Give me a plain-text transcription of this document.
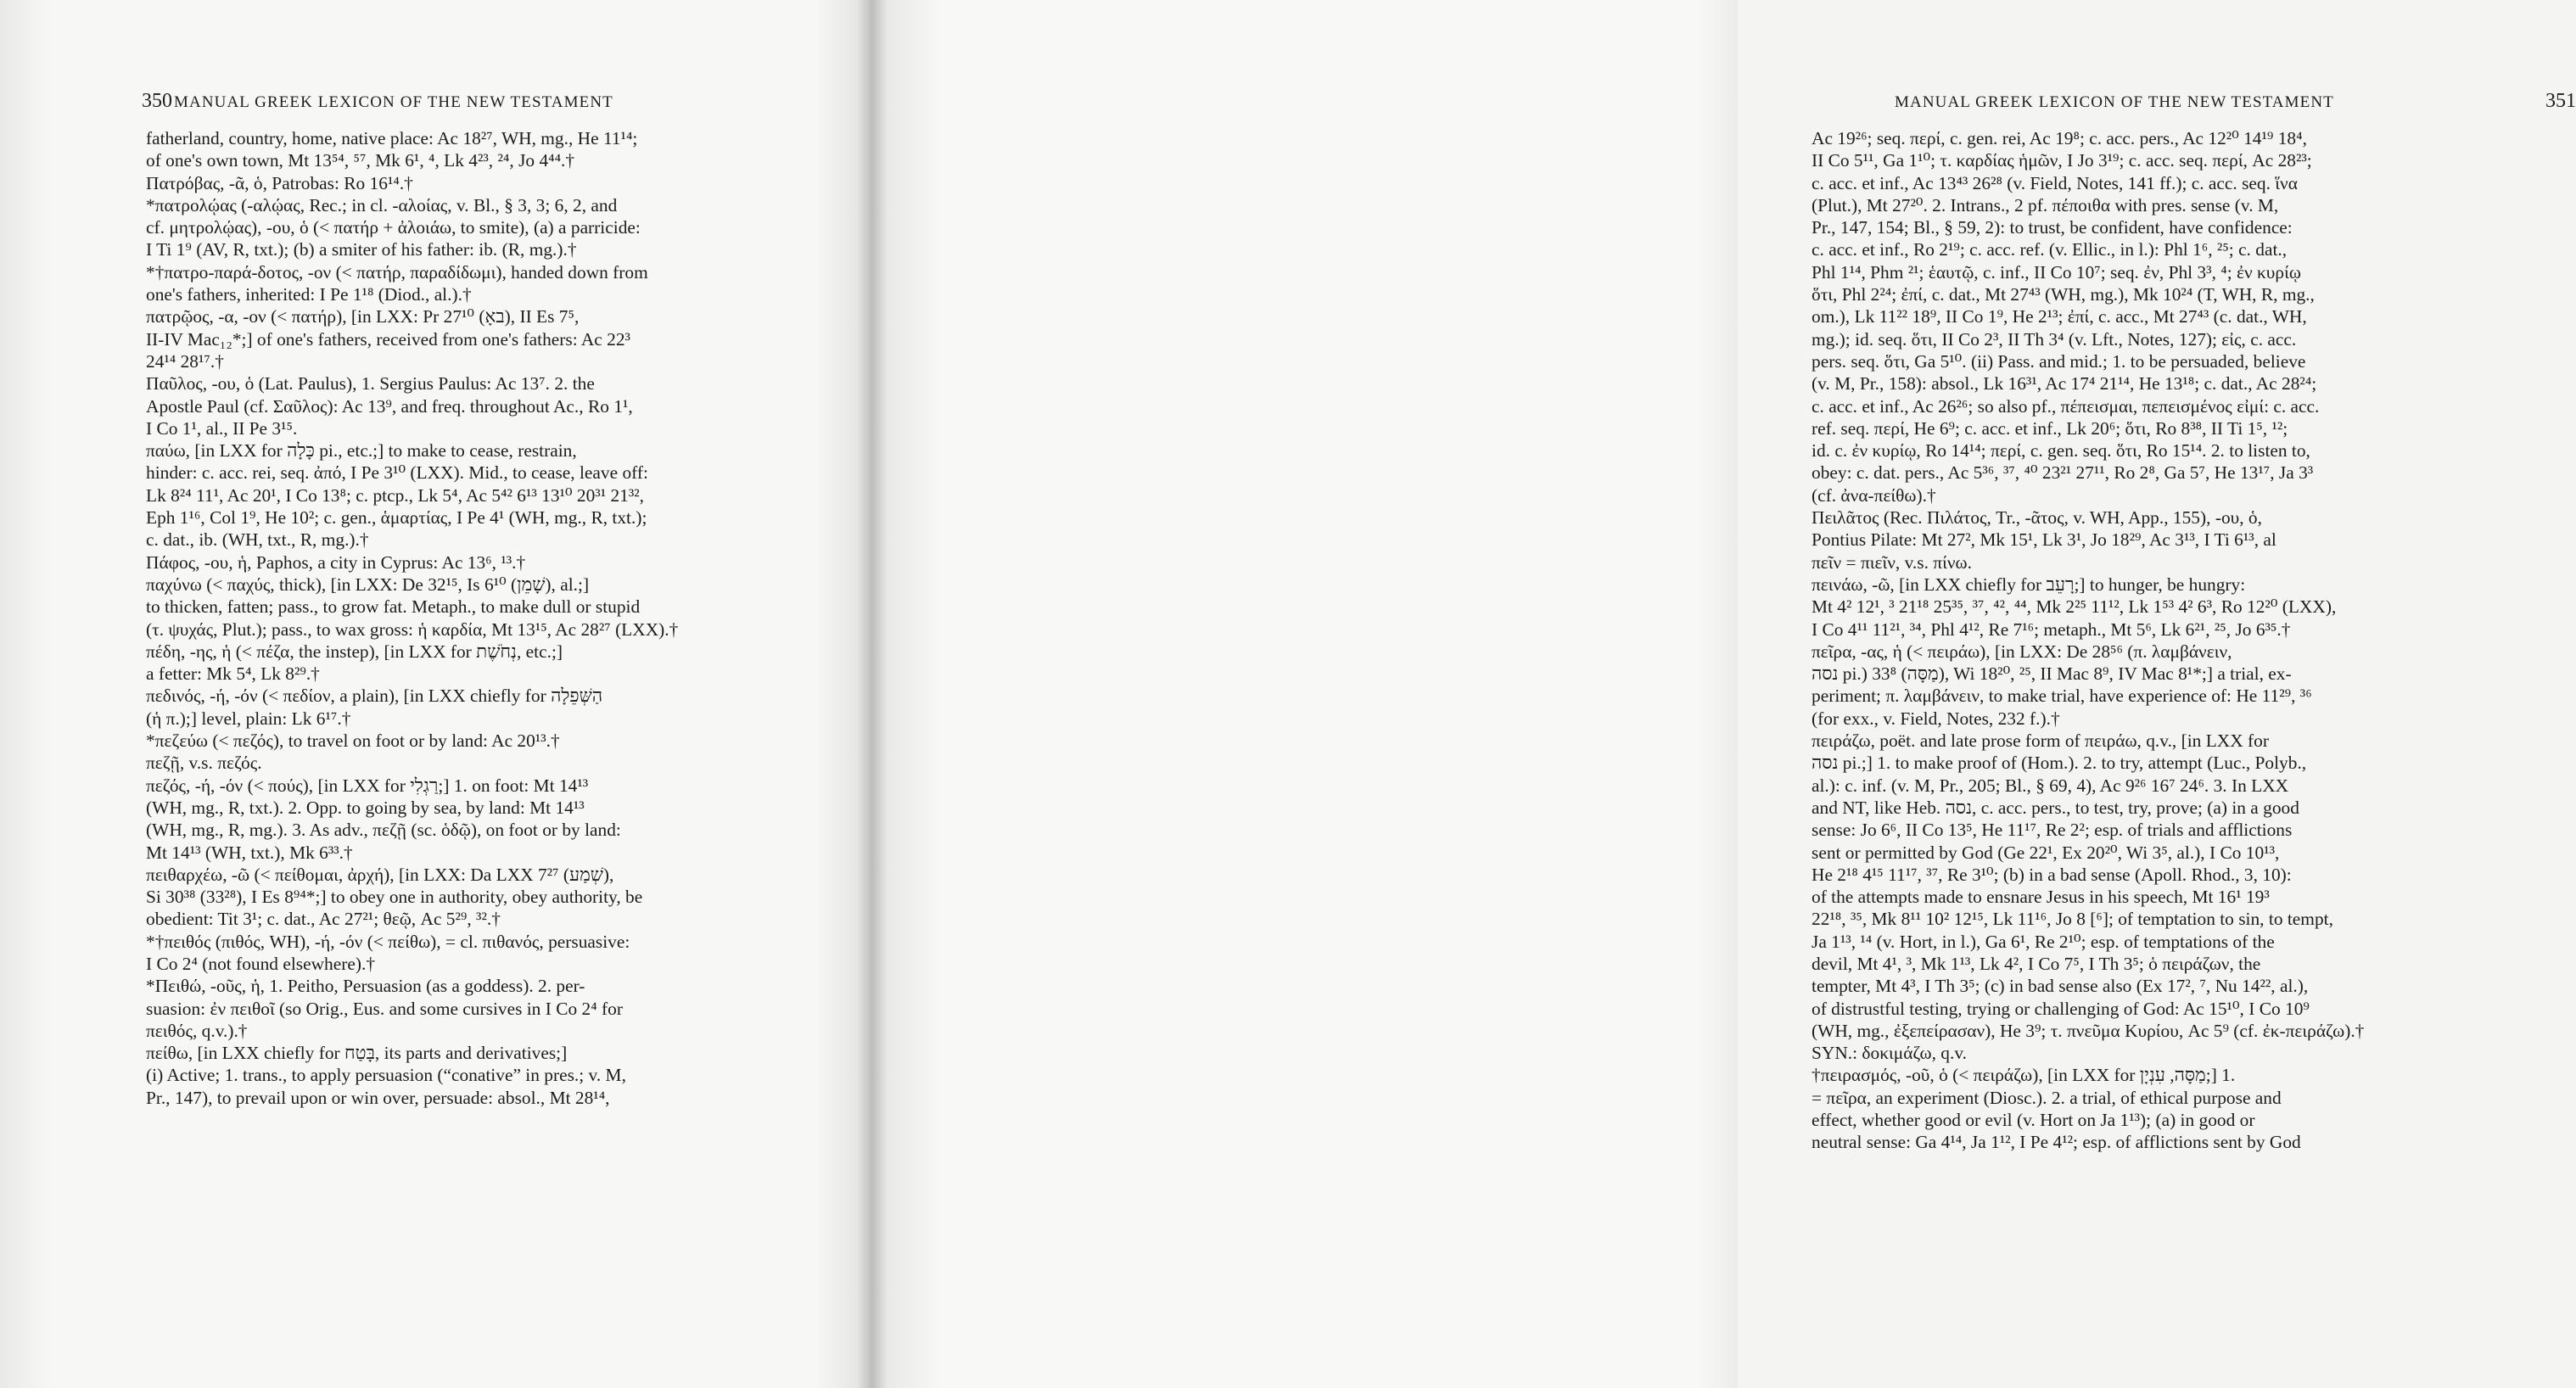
350 MANUAL GREEK LEXICON OF THE NEW TESTAMENT
fatherland, country, home, native place: Ac 18²⁷, WH, mg., He 11¹⁴;
of one's own town, Mt 13⁵⁴, ⁵⁷, Mk 6¹, ⁴, Lk 4²³, ²⁴, Jo 4⁴⁴.†
Πατρόβας, -ᾶ, ὁ, Patrobas: Ro 16¹⁴.†
*πατρολῴας (-αλῴας, Rec.; in cl. -αλοίας, v. Bl., § 3, 3; 6, 2, and
cf. μητρολῴας), -ου, ὁ (< πατήρ + ἀλοιάω, to smite), (a) a parricide:
I Ti 1⁹ (AV, R, txt.); (b) a smiter of his father: ib. (R, mg.).†
*†πατρο-παρά-δοτος, -ον (< πατήρ, παραδίδωμι), handed down from
one's fathers, inherited: I Pe 1¹⁸ (Diod., al.).†
πατρῷος, -α, -ον (< πατήρ), [in LXX: Pr 27¹⁰ (באָ), II Es 7⁵,
II-IV Mac₁₂*;] of one's fathers, received from one's fathers: Ac 22³
24¹⁴ 28¹⁷.†
Παῦλος, -ου, ὁ (Lat. Paulus), 1. Sergius Paulus: Ac 13⁷. 2. the
Apostle Paul (cf. Σαῦλος): Ac 13⁹, and freq. throughout Ac., Ro 1¹,
I Co 1¹, al., II Pe 3¹⁵.
παύω, [in LXX for כָּלָה pi., etc.;] to make to cease, restrain,
hinder: c. acc. rei, seq. ἀπό, I Pe 3¹⁰ (LXX). Mid., to cease, leave off:
Lk 8²⁴ 11¹, Ac 20¹, I Co 13⁸; c. ptcp., Lk 5⁴, Ac 5⁴² 6¹³ 13¹⁰ 20³¹ 21³²,
Eph 1¹⁶, Col 1⁹, He 10²; c. gen., ἁμαρτίας, I Pe 4¹ (WH, mg., R, txt.);
c. dat., ib. (WH, txt., R, mg.).†
Πάφος, -ου, ἡ, Paphos, a city in Cyprus: Ac 13⁶, ¹³.†
παχύνω (< παχύς, thick), [in LXX: De 32¹⁵, Is 6¹⁰ (שָׁמֵן), al.;]
to thicken, fatten; pass., to grow fat. Metaph., to make dull or stupid
(τ. ψυχάς, Plut.); pass., to wax gross: ἡ καρδία, Mt 13¹⁵, Ac 28²⁷ (LXX).†
πέδη, -ης, ἡ (< πέζα, the instep), [in LXX for נְחֹשֶׁת, etc.;]
a fetter: Mk 5⁴, Lk 8²⁹.†
πεδινός, -ή, -όν (< πεδίον, a plain), [in LXX chiefly for הַשְּׁפֵלָה
(ἡ π.);] level, plain: Lk 6¹⁷.†
*πεζεύω (< πεζός), to travel on foot or by land: Ac 20¹³.†
πεζῇ, v.s. πεζός.
πεζός, -ή, -όν (< πούς), [in LXX for רַגְלִי;] 1. on foot: Mt 14¹³
(WH, mg., R, txt.). 2. Opp. to going by sea, by land: Mt 14¹³
(WH, mg., R, mg.). 3. As adv., πεζῇ (sc. ὁδῷ), on foot or by land:
Mt 14¹³ (WH, txt.), Mk 6³³.†
πειθαρχέω, -ῶ (< πείθομαι, ἀρχή), [in LXX: Da LXX 7²⁷ (שְׁמַע),
Si 30³⁸ (33²⁸), I Es 8⁹⁴*;] to obey one in authority, obey authority, be
obedient: Tit 3¹; c. dat., Ac 27²¹; θεῷ, Ac 5²⁹, ³².†
*†πειθός (πιθός, WH), -ή, -όν (< πείθω), = cl. πιθανός, persuasive:
I Co 2⁴ (not found elsewhere).†
*Πειθώ, -οῦς, ἡ, 1. Peitho, Persuasion (as a goddess). 2. per-
suasion: ἐν πειθοῖ (so Orig., Eus. and some cursives in I Co 2⁴ for
πειθός, q.v.).†
πείθω, [in LXX chiefly for בָּטַח, its parts and derivatives;]
(i) Active; 1. trans., to apply persuasion (“conative” in pres.; v. M,
Pr., 147), to prevail upon or win over, persuade: absol., Mt 28¹⁴,
MANUAL GREEK LEXICON OF THE NEW TESTAMENT	351
Ac 19²⁶; seq. περί, c. gen. rei, Ac 19⁸; c. acc. pers., Ac 12²⁰ 14¹⁹ 18⁴,
II Co 5¹¹, Ga 1¹⁰; τ. καρδίας ἡμῶν, I Jo 3¹⁹; c. acc. seq. περί, Ac 28²³;
c. acc. et inf., Ac 13⁴³ 26²⁸ (v. Field, Notes, 141 ff.); c. acc. seq. ἵνα
(Plut.), Mt 27²⁰. 2. Intrans., 2 pf. πέποιθα with pres. sense (v. M,
Pr., 147, 154; Bl., § 59, 2): to trust, be confident, have confidence:
c. acc. et inf., Ro 2¹⁹; c. acc. ref. (v. Ellic., in l.): Phl 1⁶, ²⁵; c. dat.,
Phl 1¹⁴, Phm ²¹; ἑαυτῷ, c. inf., II Co 10⁷; seq. ἐν, Phl 3³, ⁴; ἐν κυρίῳ
ὅτι, Phl 2²⁴; ἐπί, c. dat., Mt 27⁴³ (WH, mg.), Mk 10²⁴ (T, WH, R, mg.,
om.), Lk 11²² 18⁹, II Co 1⁹, He 2¹³; ἐπί, c. acc., Mt 27⁴³ (c. dat., WH,
mg.); id. seq. ὅτι, II Co 2³, II Th 3⁴ (v. Lft., Notes, 127); εἰς, c. acc.
pers. seq. ὅτι, Ga 5¹⁰. (ii) Pass. and mid.; 1. to be persuaded, believe
(v. M, Pr., 158): absol., Lk 16³¹, Ac 17⁴ 21¹⁴, He 13¹⁸; c. dat., Ac 28²⁴;
c. acc. et inf., Ac 26²⁶; so also pf., πέπεισμαι, πεπεισμένος εἰμί: c. acc.
ref. seq. περί, He 6⁹; c. acc. et inf., Lk 20⁶; ὅτι, Ro 8³⁸, II Ti 1⁵, ¹²;
id. c. ἐν κυρίῳ, Ro 14¹⁴; περί, c. gen. seq. ὅτι, Ro 15¹⁴. 2. to listen to,
obey: c. dat. pers., Ac 5³⁶, ³⁷, ⁴⁰ 23²¹ 27¹¹, Ro 2⁸, Ga 5⁷, He 13¹⁷, Ja 3³
(cf. ἀνα-πείθω).†
Πειλᾶτος (Rec. Πιλάτος, Tr., -ᾶτος, v. WH, App., 155), -ου, ὁ,
Pontius Pilate: Mt 27², Mk 15¹, Lk 3¹, Jo 18²⁹, Ac 3¹³, I Ti 6¹³, al
πεῖν = πιεῖν, v.s. πίνω.
πεινάω, -ῶ, [in LXX chiefly for רָעֵב;] to hunger, be hungry:
Mt 4² 12¹, ³ 21¹⁸ 25³⁵, ³⁷, ⁴², ⁴⁴, Mk 2²⁵ 11¹², Lk 1⁵³ 4² 6³, Ro 12²⁰ (LXX),
I Co 4¹¹ 11²¹, ³⁴, Phl 4¹², Re 7¹⁶; metaph., Mt 5⁶, Lk 6²¹, ²⁵, Jo 6³⁵.†
πεῖρα, -ας, ἡ (< πειράω), [in LXX: De 28⁵⁶ (π. λαμβάνειν,
נסה pi.) 33⁸ (מַסָּה), Wi 18²⁰, ²⁵, II Mac 8⁹, IV Mac 8¹*;] a trial, ex-
periment; π. λαμβάνειν, to make trial, have experience of: He 11²⁹, ³⁶
(for exx., v. Field, Notes, 232 f.).†
πειράζω, poët. and late prose form of πειράω, q.v., [in LXX for
נסה pi.;] 1. to make proof of (Hom.). 2. to try, attempt (Luc., Polyb.,
al.): c. inf. (v. M, Pr., 205; Bl., § 69, 4), Ac 9²⁶ 16⁷ 24⁶. 3. In LXX
and NT, like Heb. נסה, c. acc. pers., to test, try, prove; (a) in a good
sense: Jo 6⁶, II Co 13⁵, He 11¹⁷, Re 2²; esp. of trials and afflictions
sent or permitted by God (Ge 22¹, Ex 20²⁰, Wi 3⁵, al.), I Co 10¹³,
He 2¹⁸ 4¹⁵ 11¹⁷, ³⁷, Re 3¹⁰; (b) in a bad sense (Apoll. Rhod., 3, 10):
of the attempts made to ensnare Jesus in his speech, Mt 16¹ 19³
22¹⁸, ³⁵, Mk 8¹¹ 10² 12¹⁵, Lk 11¹⁶, Jo 8 [⁶]; of temptation to sin, to tempt,
Ja 1¹³, ¹⁴ (v. Hort, in l.), Ga 6¹, Re 2¹⁰; esp. of temptations of the
devil, Mt 4¹, ³, Mk 1¹³, Lk 4², I Co 7⁵, I Th 3⁵; ὁ πειράζων, the
tempter, Mt 4³, I Th 3⁵; (c) in bad sense also (Ex 17², ⁷, Nu 14²², al.),
of distrustful testing, trying or challenging of God: Ac 15¹⁰, I Co 10⁹
(WH, mg., ἐξεπείρασαν), He 3⁹; τ. πνεῦμα Κυρίου, Ac 5⁹ (cf. ἐκ-πειράζω).†
SYN.: δοκιμάζω, q.v.
†πειρασμός, -οῦ, ὁ (< πειράζω), [in LXX for מַסָּה, עִנְיָן;] 1.
= πεῖρα, an experiment (Diosc.). 2. a trial, of ethical purpose and
effect, whether good or evil (v. Hort on Ja 1¹³); (a) in good or
neutral sense: Ga 4¹⁴, Ja 1¹², I Pe 4¹²; esp. of afflictions sent by God
